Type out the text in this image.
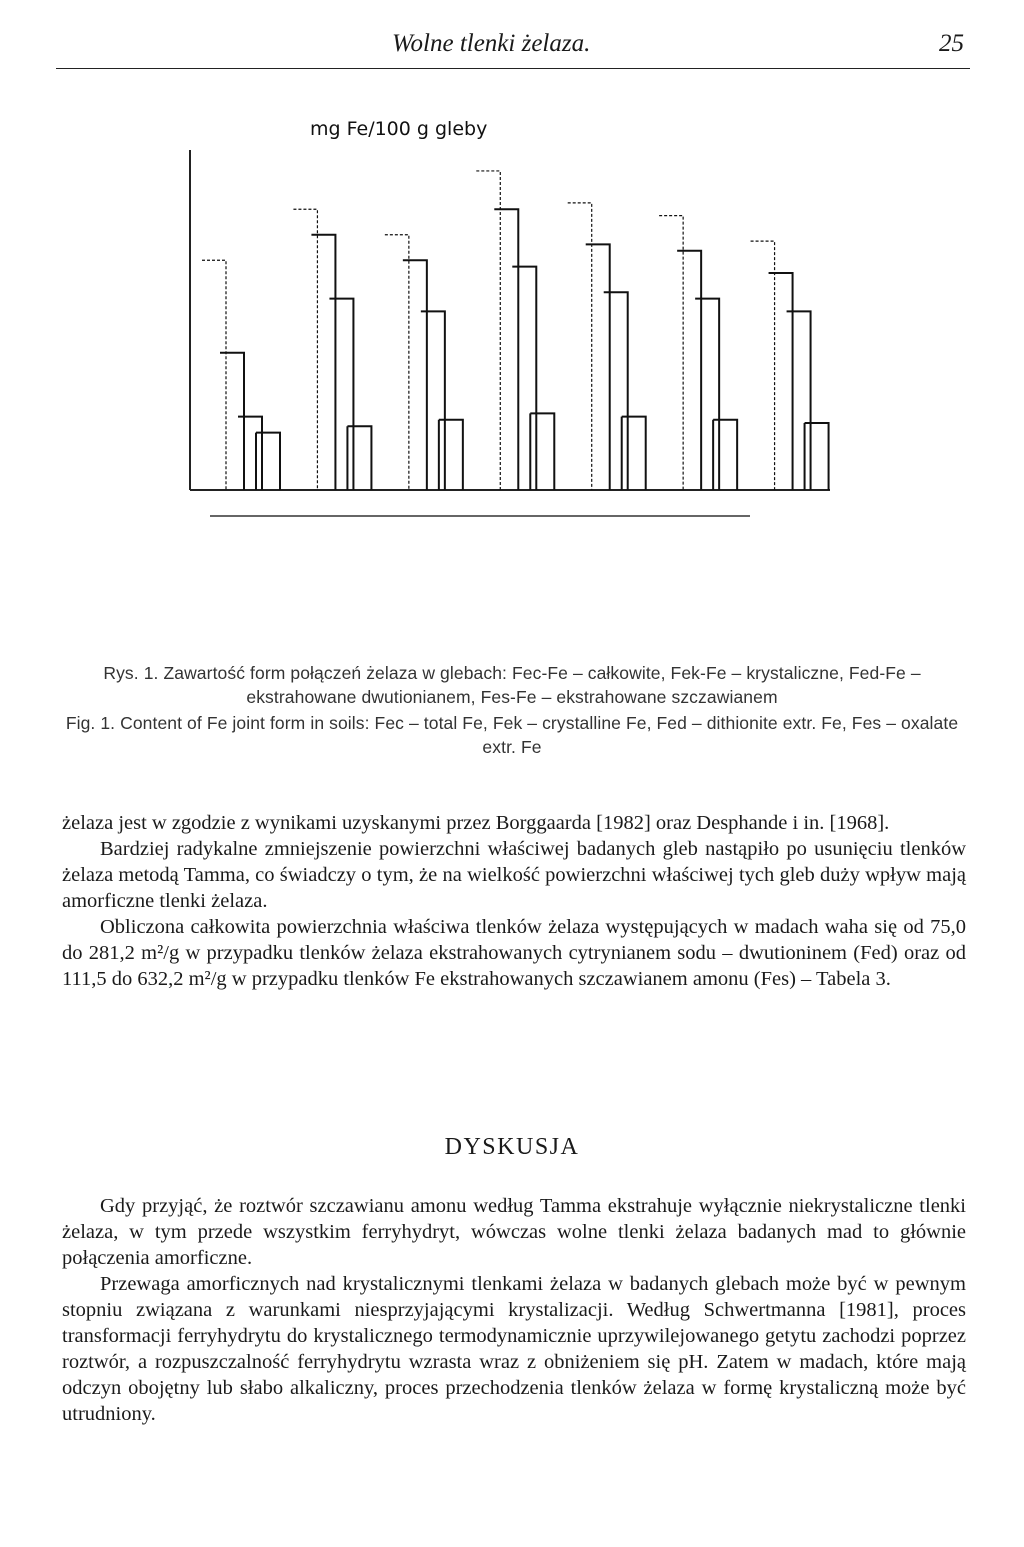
Wolne tlenki żelaza.	25
mg Fe/100 g gleby
Rys. 1. Zawartość form połączeń żelaza w glebach: Fec-Fe – całkowite, Fek-Fe – krystaliczne, Fed-Fe – ekstrahowane dwutionianem, Fes-Fe – ekstrahowane szczawianem
Fig. 1. Content of Fe joint form in soils: Fec – total Fe, Fek – crystalline Fe, Fed – dithionite extr. Fe, Fes – oxalate extr. Fe

żelaza jest w zgodzie z wynikami uzyskanymi przez Borggaarda [1982] oraz Desphande i in. [1968].

Bardziej radykalne zmniejszenie powierzchni właściwej badanych gleb nastąpiło po usunięciu tlenków żelaza metodą Tamma, co świadczy o tym, że na wielkość powierzchni właściwej tych gleb duży wpływ mają amorficzne tlenki żelaza.

Obliczona całkowita powierzchnia właściwa tlenków żelaza występujących w madach waha się od 75,0 do 281,2 m²/g w przypadku tlenków żelaza ekstrahowanych cytrynianem sodu – dwutioninem (Fed) oraz od 111,5 do 632,2 m²/g w przypadku tlenków Fe ekstrahowanych szczawianem amonu (Fes) – Tabela 3.

DYSKUSJA

Gdy przyjąć, że roztwór szczawianu amonu według Tamma ekstrahuje wyłącznie niekrystaliczne tlenki żelaza, w tym przede wszystkim ferryhydryt, wówczas wolne tlenki żelaza badanych mad to głównie połączenia amorficzne.

Przewaga amorficznych nad krystalicznymi tlenkami żelaza w badanych glebach może być w pewnym stopniu związana z warunkami niesprzyjającymi krystalizacji. Według Schwertmanna [1981], proces transformacji ferryhydrytu do krystalicznego termodynamicznie uprzywilejowanego getytu zachodzi poprzez roztwór, a rozpuszczalność ferryhydrytu wzrasta wraz z obniżeniem się pH. Zatem w madach, które mają odczyn obojętny lub słabo alkaliczny, proces przechodzenia tlenków żelaza w formę krystaliczną może być utrudniony.
